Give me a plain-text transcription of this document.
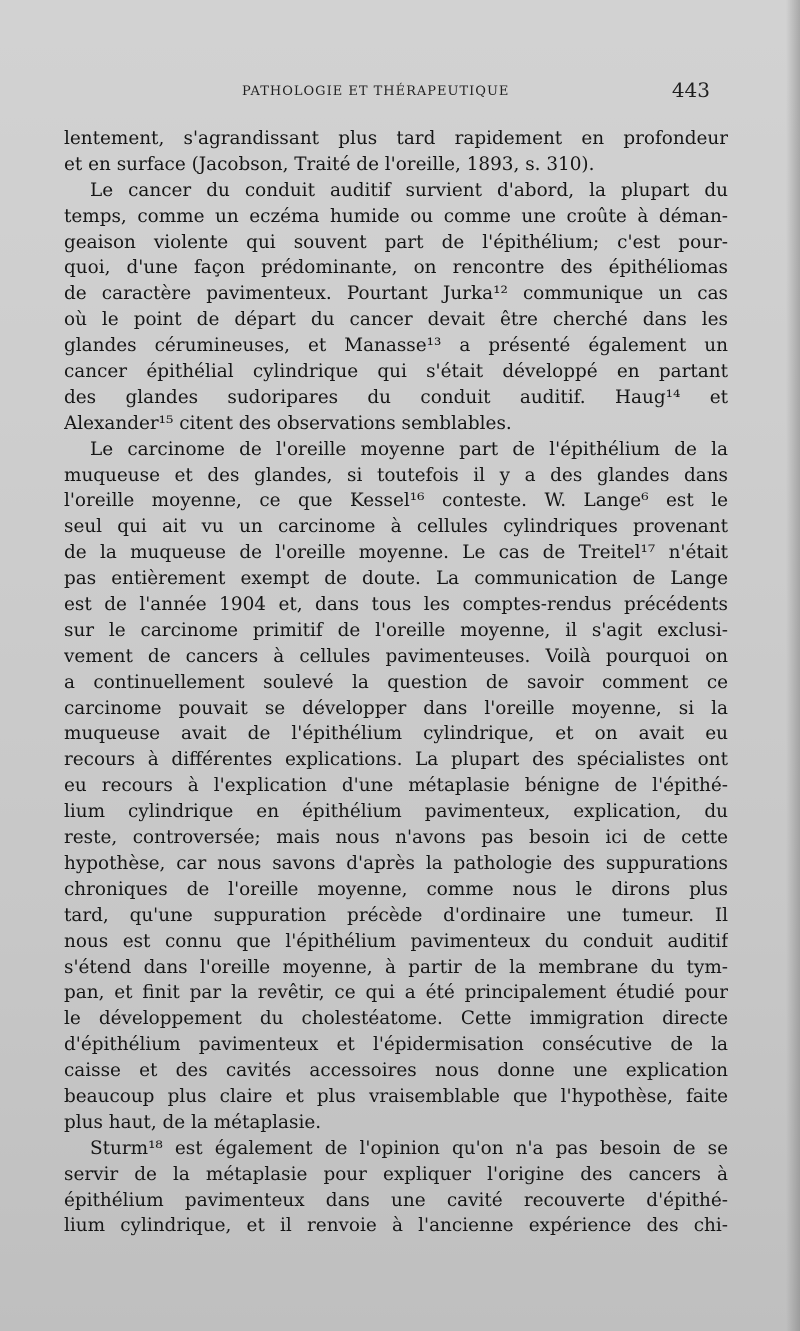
PATHOLOGIE ET THÉRAPEUTIQUE	443
lentement, s'agrandissant plus tard rapidement en profondeur
et en surface (Jacobson, Traité de l'oreille, 1893, s. 310).
Le cancer du conduit auditif survient d'abord, la plupart du
temps, comme un eczéma humide ou comme une croûte à déman-
geaison violente qui souvent part de l'épithélium; c'est pour-
quoi, d'une façon prédominante, on rencontre des épithéliomas
de caractère pavimenteux. Pourtant Jurka¹² communique un cas
où le point de départ du cancer devait être cherché dans les
glandes cérumineuses, et Manasse¹³ a présenté également un
cancer épithélial cylindrique qui s'était développé en partant
des glandes sudoripares du conduit auditif. Haug¹⁴ et
Alexander¹⁵ citent des observations semblables.
Le carcinome de l'oreille moyenne part de l'épithélium de la
muqueuse et des glandes, si toutefois il y a des glandes dans
l'oreille moyenne, ce que Kessel¹⁶ conteste. W. Lange⁶ est le
seul qui ait vu un carcinome à cellules cylindriques provenant
de la muqueuse de l'oreille moyenne. Le cas de Treitel¹⁷ n'était
pas entièrement exempt de doute. La communication de Lange
est de l'année 1904 et, dans tous les comptes-rendus précédents
sur le carcinome primitif de l'oreille moyenne, il s'agit exclusi-
vement de cancers à cellules pavimenteuses. Voilà pourquoi on
a continuellement soulevé la question de savoir comment ce
carcinome pouvait se développer dans l'oreille moyenne, si la
muqueuse avait de l'épithélium cylindrique, et on avait eu
recours à différentes explications. La plupart des spécialistes ont
eu recours à l'explication d'une métaplasie bénigne de l'épithé-
lium cylindrique en épithélium pavimenteux, explication, du
reste, controversée; mais nous n'avons pas besoin ici de cette
hypothèse, car nous savons d'après la pathologie des suppurations
chroniques de l'oreille moyenne, comme nous le dirons plus
tard, qu'une suppuration précède d'ordinaire une tumeur. Il
nous est connu que l'épithélium pavimenteux du conduit auditif
s'étend dans l'oreille moyenne, à partir de la membrane du tym-
pan, et finit par la revêtir, ce qui a été principalement étudié pour
le développement du cholestéatome. Cette immigration directe
d'épithélium pavimenteux et l'épidermisation consécutive de la
caisse et des cavités accessoires nous donne une explication
beaucoup plus claire et plus vraisemblable que l'hypothèse, faite
plus haut, de la métaplasie.
Sturm¹⁸ est également de l'opinion qu'on n'a pas besoin de se
servir de la métaplasie pour expliquer l'origine des cancers à
épithélium pavimenteux dans une cavité recouverte d'épithé-
lium cylindrique, et il renvoie à l'ancienne expérience des chi-
